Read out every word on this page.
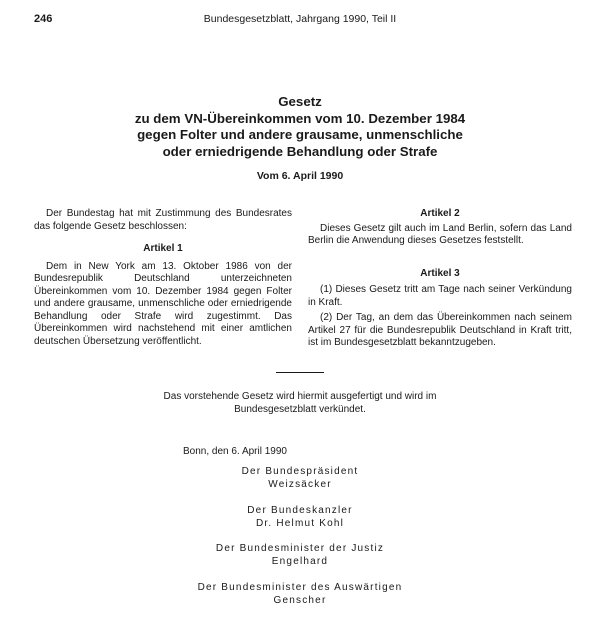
246	Bundesgesetzblatt, Jahrgang 1990, Teil II
Gesetz
zu dem VN-Übereinkommen vom 10. Dezember 1984
gegen Folter und andere grausame, unmenschliche
oder erniedrigende Behandlung oder Strafe
Vom 6. April 1990

Der Bundestag hat mit Zustimmung des Bundesrates das folgende Gesetz beschlossen:

Artikel 1

Dem in New York am 13. Oktober 1986 von der Bundesrepublik Deutschland unterzeichneten Übereinkommen vom 10. Dezember 1984 gegen Folter und andere grausame, unmenschliche oder erniedrigende Behandlung oder Strafe wird zugestimmt. Das Übereinkommen wird nachstehend mit einer amtlichen deutschen Übersetzung veröffentlicht.

Artikel 2

Dieses Gesetz gilt auch im Land Berlin, sofern das Land Berlin die Anwendung dieses Gesetzes feststellt.

Artikel 3

(1) Dieses Gesetz tritt am Tage nach seiner Verkündung in Kraft.

(2) Der Tag, an dem das Übereinkommen nach seinem Artikel 27 für die Bundesrepublik Deutschland in Kraft tritt, ist im Bundesgesetzblatt bekanntzugeben.

Das vorstehende Gesetz wird hiermit ausgefertigt und wird im Bundesgesetzblatt verkündet.
Bonn, den 6. April 1990
Der Bundespräsident
Weizsäcker
Der Bundeskanzler
Dr. Helmut Kohl
Der Bundesminister der Justiz
Engelhard
Der Bundesminister des Auswärtigen
Genscher
